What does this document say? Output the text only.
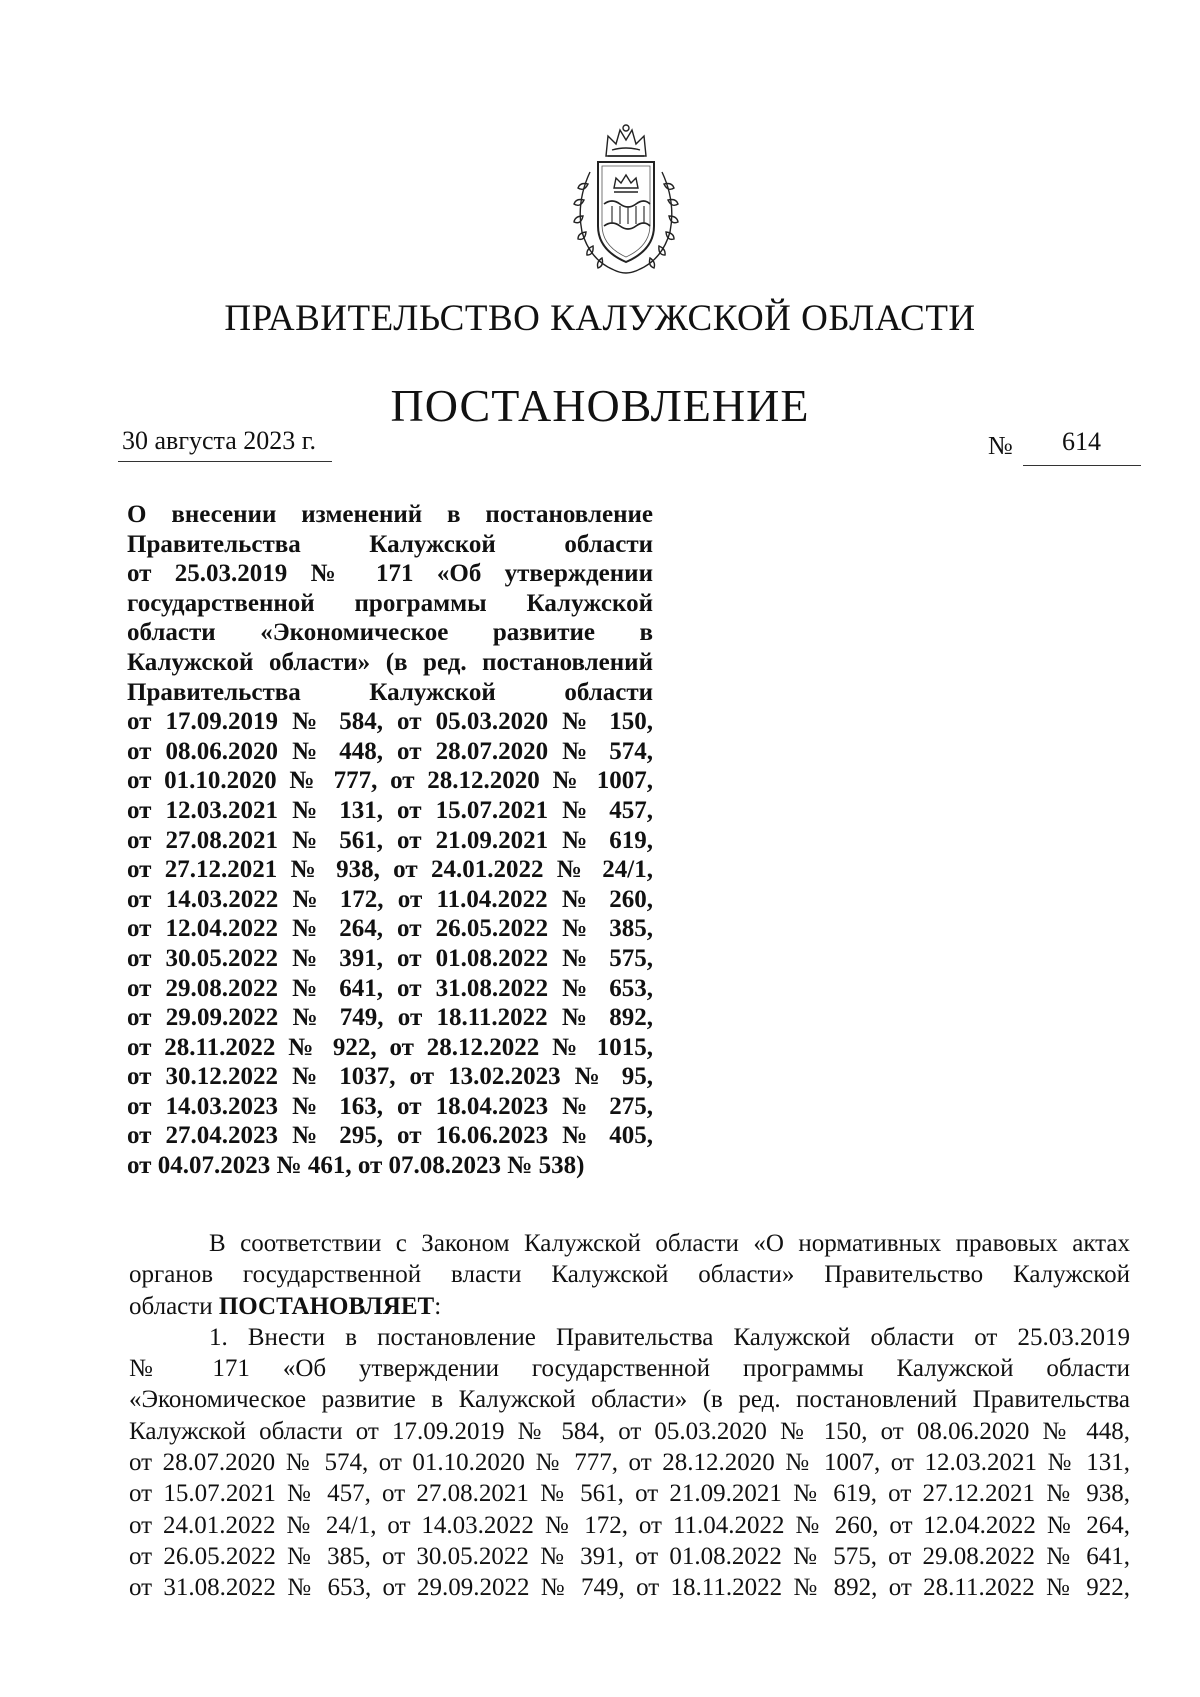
ПРАВИТЕЛЬСТВО КАЛУЖСКОЙ ОБЛАСТИ
ПОСТАНОВЛЕНИЕ
30 августа 2023 г.	№ 614
О внесении изменений в постановление
Правительства Калужской области
от 25.03.2019 № 171 «Об утверждении
государственной программы Калужской
области «Экономическое развитие в
Калужской области» (в ред. постановлений
Правительства Калужской области
от 17.09.2019 № 584, от 05.03.2020 № 150,
от 08.06.2020 № 448, от 28.07.2020 № 574,
от 01.10.2020 № 777, от 28.12.2020 № 1007,
от 12.03.2021 № 131, от 15.07.2021 № 457,
от 27.08.2021 № 561, от 21.09.2021 № 619,
от 27.12.2021 № 938, от 24.01.2022 № 24/1,
от 14.03.2022 № 172, от 11.04.2022 № 260,
от 12.04.2022 № 264, от 26.05.2022 № 385,
от 30.05.2022 № 391, от 01.08.2022 № 575,
от 29.08.2022 № 641, от 31.08.2022 № 653,
от 29.09.2022 № 749, от 18.11.2022 № 892,
от 28.11.2022 № 922, от 28.12.2022 № 1015,
от 30.12.2022 № 1037, от 13.02.2023 № 95,
от 14.03.2023 № 163, от 18.04.2023 № 275,
от 27.04.2023 № 295, от 16.06.2023 № 405,
от 04.07.2023 № 461, от 07.08.2023 № 538)
В соответствии с Законом Калужской области «О нормативных правовых актах
органов государственной власти Калужской области» Правительство Калужской
области ПОСТАНОВЛЯЕТ:
1. Внести в постановление Правительства Калужской области от 25.03.2019
№ 171 «Об утверждении государственной программы Калужской области
«Экономическое развитие в Калужской области» (в ред. постановлений Правительства
Калужской области от 17.09.2019 № 584, от 05.03.2020 № 150, от 08.06.2020 № 448,
от 28.07.2020 № 574, от 01.10.2020 № 777, от 28.12.2020 № 1007, от 12.03.2021 № 131,
от 15.07.2021 № 457, от 27.08.2021 № 561, от 21.09.2021 № 619, от 27.12.2021 № 938,
от 24.01.2022 № 24/1, от 14.03.2022 № 172, от 11.04.2022 № 260, от 12.04.2022 № 264,
от 26.05.2022 № 385, от 30.05.2022 № 391, от 01.08.2022 № 575, от 29.08.2022 № 641,
от 31.08.2022 № 653, от 29.09.2022 № 749, от 18.11.2022 № 892, от 28.11.2022 № 922,
